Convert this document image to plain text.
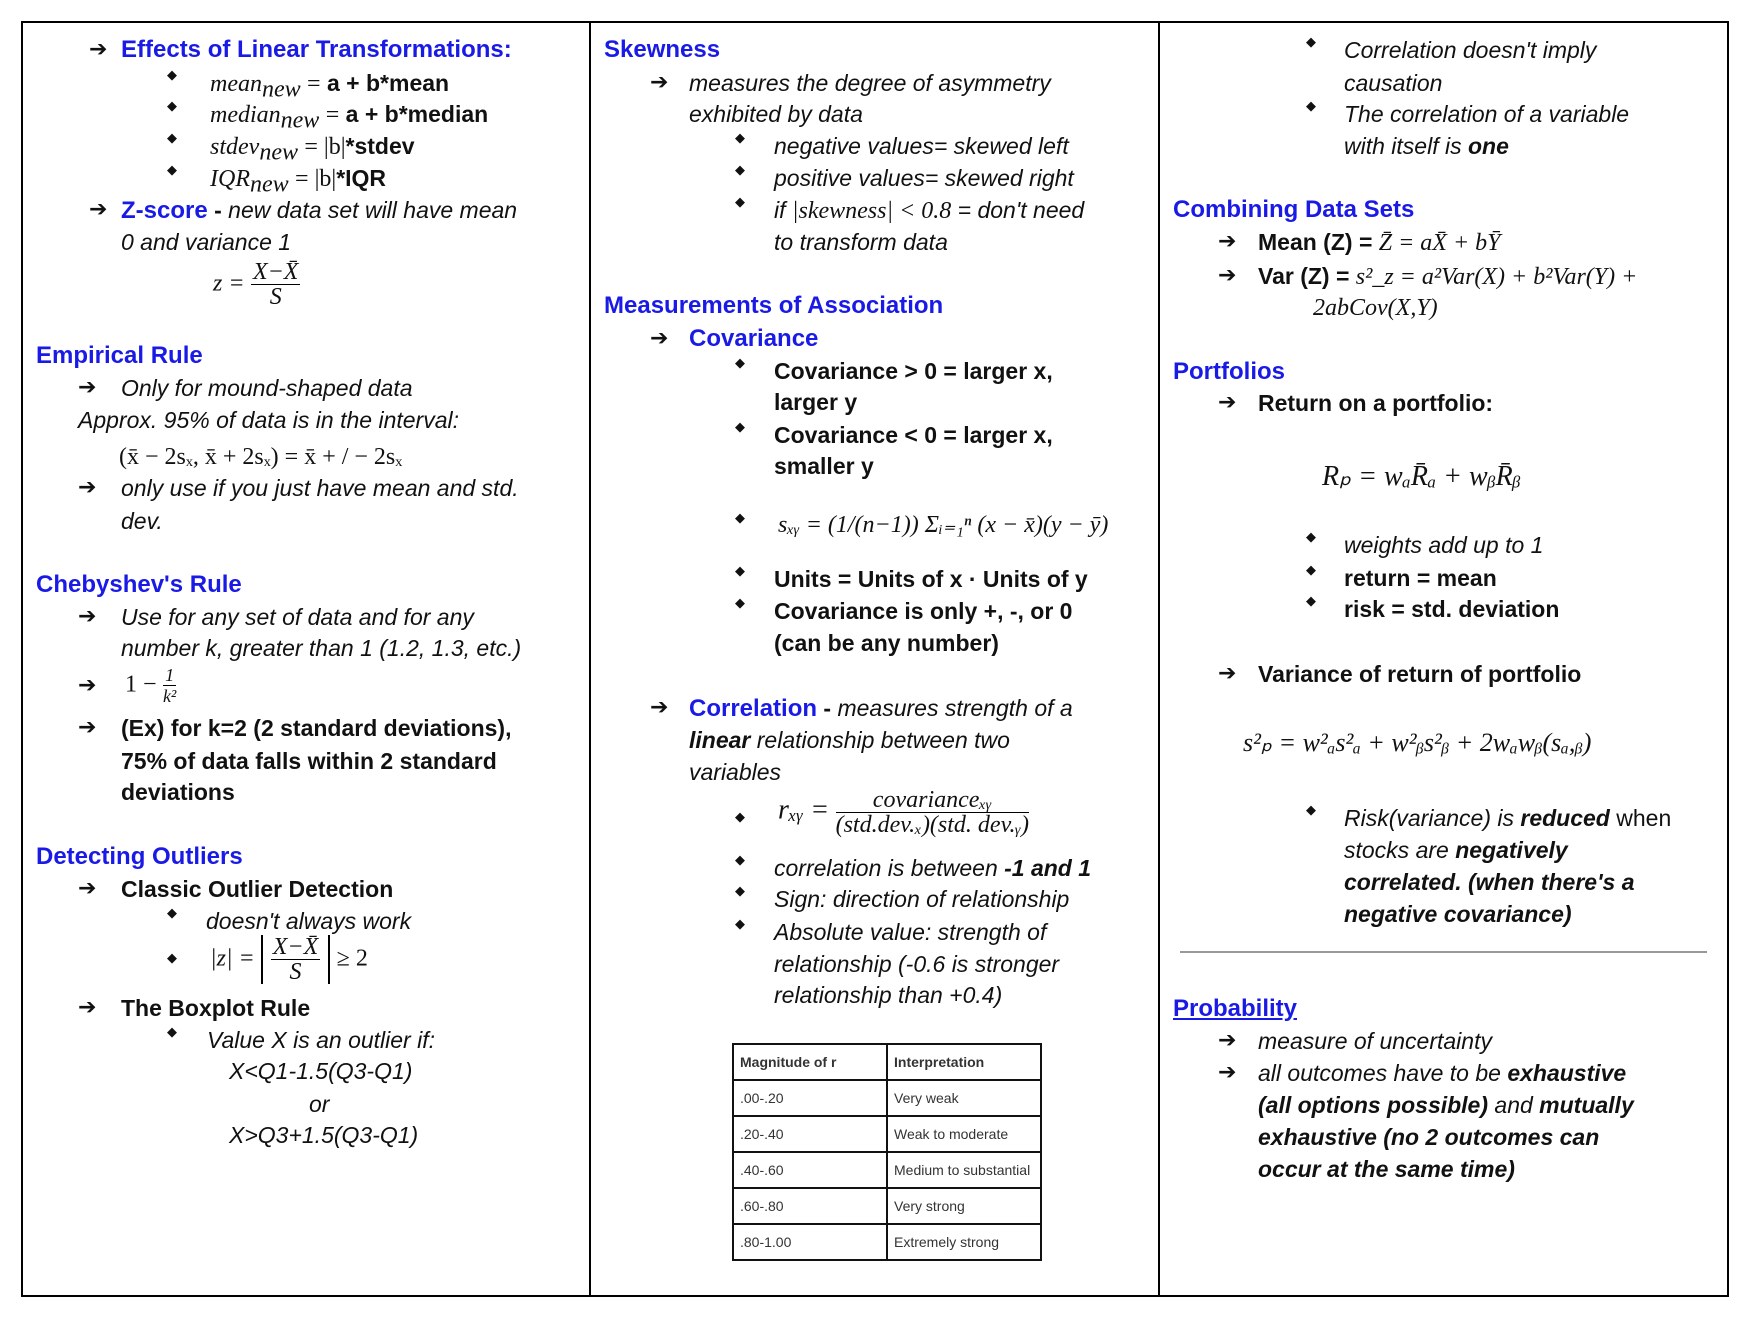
➔
Effects of Linear Transformations:
◆
mean$_{new}$ = a + b*mean
◆
median$_{new}$ = a + b*median
◆
stdev$_{new}$ = |b|*stdev
◆
$IQR_{new} = |b|*IQR$
➔
Z-score - new data set will have mean
0 and variance 1
$z = \frac{X-X̄}{S}$
Empirical Rule
➔
Only for mound-shaped data
Approx. 95% of data is in the interval:
(x̄ − 2sₓ, x̄ + 2sₓ) = x̄ + / − 2sₓ
➔
only use if you just have mean and std.
dev.
Chebyshev's Rule
➔
Use for any set of data and for any
number k, greater than 1 (1.2, 1.3, etc.)
➔
$1 - \frac{1}{\text{k²}}$
➔
(Ex) for k=2 (2 standard deviations),
75% of data falls within 2 standard
deviations
Detecting Outliers
➔
Classic Outlier Detection
◆
doesn't always work
◆
$|z| = \frac{X-X̄}{S} \ge 2$
➔
The Boxplot Rule
◆
Value X is an outlier if:
X<Q1-1.5(Q3-Q1)
or
X>Q3+1.5(Q3-Q1)
Skewness
➔
measures the degree of asymmetry
exhibited by data
◆
negative values= skewed left
◆
positive values= skewed right
◆
if |skewness| < 0.8 = don't need
to transform data
Measurements of Association
➔
Covariance
◆
Covariance > 0 = larger x,
larger y
◆
Covariance < 0 = larger x,
smaller y
◆
sₓᵧ = (1/(n−1)) Σᵢ₌₁ⁿ (x − x̄)(y − ȳ)
◆
Units = Units of x · Units of y
◆
Covariance is only +, -, or 0
(can be any number)
➔
Correlation - measures strength of a
linear relationship between two
variables
◆
rₓᵧ = $\frac{\text{covarianceₓᵧ}}{\text{(std.dev.ₓ)(std. dev.ᵧ)}}$
◆
correlation is between -1 and 1
◆
Sign: direction of relationship
◆
Absolute value: strength of
relationship (-0.6 is stronger
relationship than +0.4)
Magnitude of r	Interpretation
.00-.20	Very weak
.20-.40	Weak to moderate
.40-.60	Medium to substantial
.60-.80	Very strong
.80-1.00	Extremely strong
◆
Correlation doesn't imply
causation
◆
The correlation of a variable
with itself is one
Combining Data Sets
➔
Mean (Z) = Z̄ = aX̄ + bȲ
➔
Var (Z) = s²_z = a²Var(X) + b²Var(Y) +
2abCov(X,Y)
Portfolios
➔
Return on a portfolio:
Rₚ = wₐR̄ₐ + wᵦR̄ᵦ
◆
weights add up to 1
◆
return = mean
◆
risk = std. deviation
➔
Variance of return of portfolio
s²ₚ = w²ₐs²ₐ + w²ᵦs²ᵦ + 2wₐwᵦ(sₐ,ᵦ)
◆
Risk(variance) is reduced when
stocks are negatively
correlated. (when there's a
negative covariance)
Probability
➔
measure of uncertainty
➔
all outcomes have to be exhaustive
(all options possible) and mutually
exhaustive (no 2 outcomes can
occur at the same time)
